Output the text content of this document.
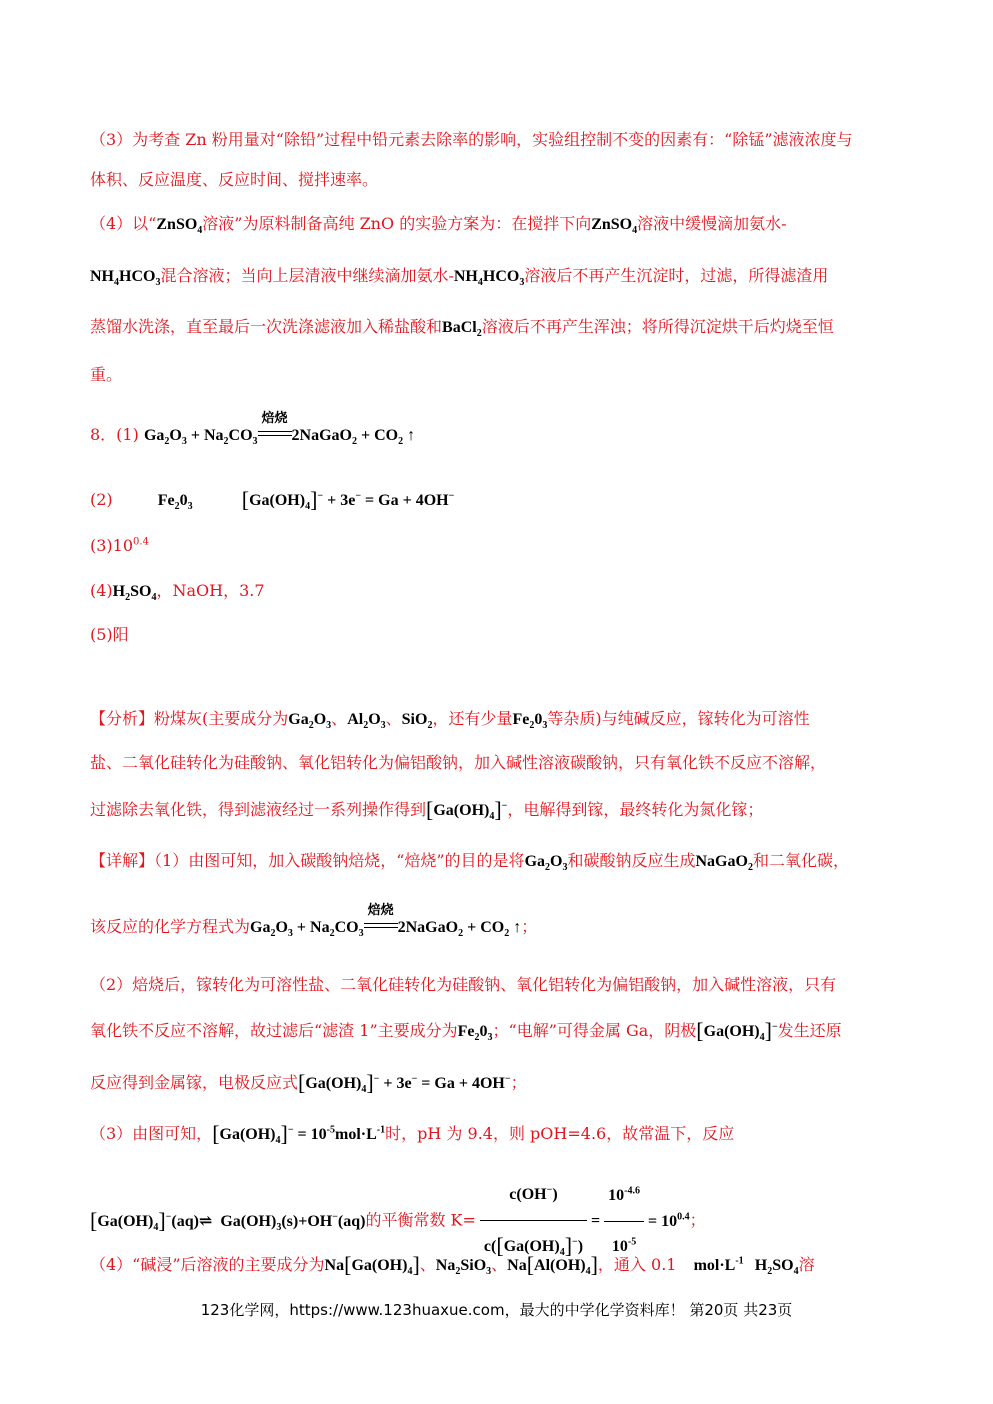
（3）为考查 Zn 粉用量对“除铅”过程中铅元素去除率的影响，实验组控制不变的因素有：“除锰”滤液浓度与
体积、反应温度、反应时间、搅拌速率。
（4）以“ZnSO$_4$溶液”为原料制备高纯 ZnO 的实验方案为：在搅拌下向ZnSO$_4$溶液中缓慢滴加氨水-
$NH_4HCO_3$混合溶液；当向上层清液中继续滴加氨水$-NH_4HCO_3$溶液后不再产生沉淀时，过滤，所得滤渣用
蒸馏水洗涤，直至最后一次洗涤滤液加入稀盐酸和BaCl$_2$溶液后不再产生浑浊；将所得沉淀烘干后灼烧至恒
重。
8．(1) $Ga_2O_3 + Na_2CO_3$
焙烧
2NaGaO$_2$ + $CO_2$ ↑
(2)	$Fe_20_3$ $[Ga(OH)_4]^- + 3e^- = Ga + 4OH^-$
$(3)10^{0.4}$
$(4)H_2SO_4$，NaOH，3.7
(5)阳
【分析】粉煤灰(主要成分为$Ga_2O_3$、$Al_2O_3$、SiO$_2$，还有少量$Fe_20_3$等杂质)与纯碱反应，镓转化为可溶性
盐、二氧化硅转化为硅酸钠、氧化铝转化为偏铝酸钠，加入碱性溶液碳酸钠，只有氧化铁不反应不溶解，
过滤除去氧化铁，得到滤液经过一系列操作得到$[Ga(OH)_4]^-$，电解得到镓，最终转化为氮化镓；
【详解】（1）由图可知，加入碳酸钠焙烧，“焙烧”的目的是将$Ga_2O_3$和碳酸钠反应生成NaGaO$_2$和二氧化碳，
该反应的化学方程式为$Ga_2O_3 + Na_2CO_3$
焙烧
2NaGaO$_2$ + $CO_2$ ↑；
（2）焙烧后，镓转化为可溶性盐、二氧化硅转化为硅酸钠、氧化铝转化为偏铝酸钠，加入碱性溶液，只有
氧化铁不反应不溶解，故过滤后“滤渣 1”主要成分为$Fe_20_3$；“电解”可得金属 Ga，阴极$[Ga(OH)_4]^-$发生还原
反应得到金属镓，电极反应式$[Ga(OH)_4]^- + 3e^- = Ga + 4OH^-$；
（3）由图可知，$[Ga(OH)_4]^- = 10^{-5}mol\cdot L^{-1}$时，pH 为 9.4，则 pOH=4.6，故常温下，反应
$[Ga(OH)_4]^-(aq)\rightleftharpoons$  $Ga(OH)_3(s)+OH^-(aq)$的平衡常数 $K= \frac{c(OH^-)}{c([Ga(OH)_4]^-)} = \frac{10^{-4.6}}{10^{-5}} = 10^{0.4}$；
（4）“碱浸”后溶液的主要成分为$Na[Ga(OH)_4]$、$Na_2SiO_3$、$Na[Al(OH)_4]$，通入 0.1 $mol\cdot L^{-1}$ $H_2SO_4$溶
123化学网，https://www.123huaxue.com，最大的中学化学资料库！ 第20页 共23页
